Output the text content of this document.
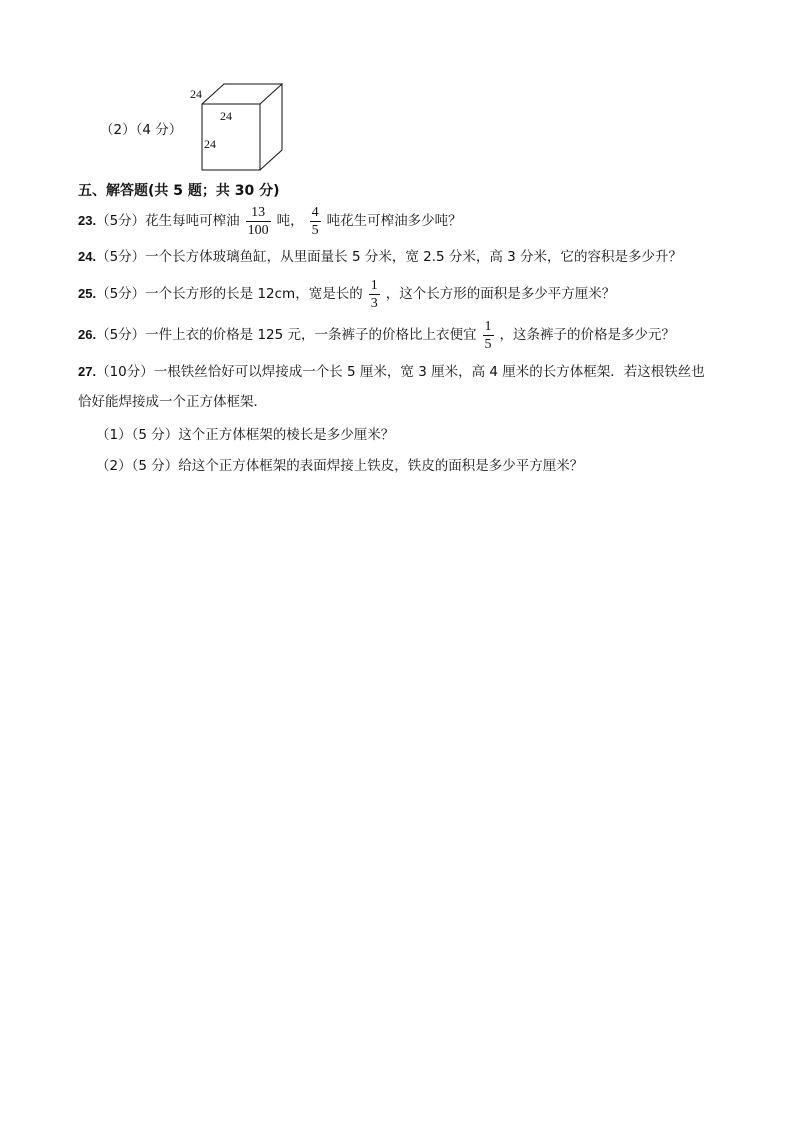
（2）（4 分）
24
24
24
五、解答题(共 5 题；共 30 分)
23. （5分）花生每吨可榨油 $\frac{13}{100}$ 吨， $\frac{4}{5}$ 吨花生可榨油多少吨？
24. （5分）一个长方体玻璃鱼缸，从里面量长 5 分米，宽 2.5 分米，高 3 分米，它的容积是多少升？
25. （5分）一个长方形的长是 12cm，宽是长的 $\frac{1}{3}$ ，这个长方形的面积是多少平方厘米？
26. （5分）一件上衣的价格是 125 元，一条裤子的价格比上衣便宜 $\frac{1}{5}$ ，这条裤子的价格是多少元？
27. （10分）一根铁丝恰好可以焊接成一个长 5 厘米，宽 3 厘米，高 4 厘米的长方体框架．若这根铁丝也
恰好能焊接成一个正方体框架．
（1）（5 分）这个正方体框架的棱长是多少厘米？
（2）（5 分）给这个正方体框架的表面焊接上铁皮，铁皮的面积是多少平方厘米？
